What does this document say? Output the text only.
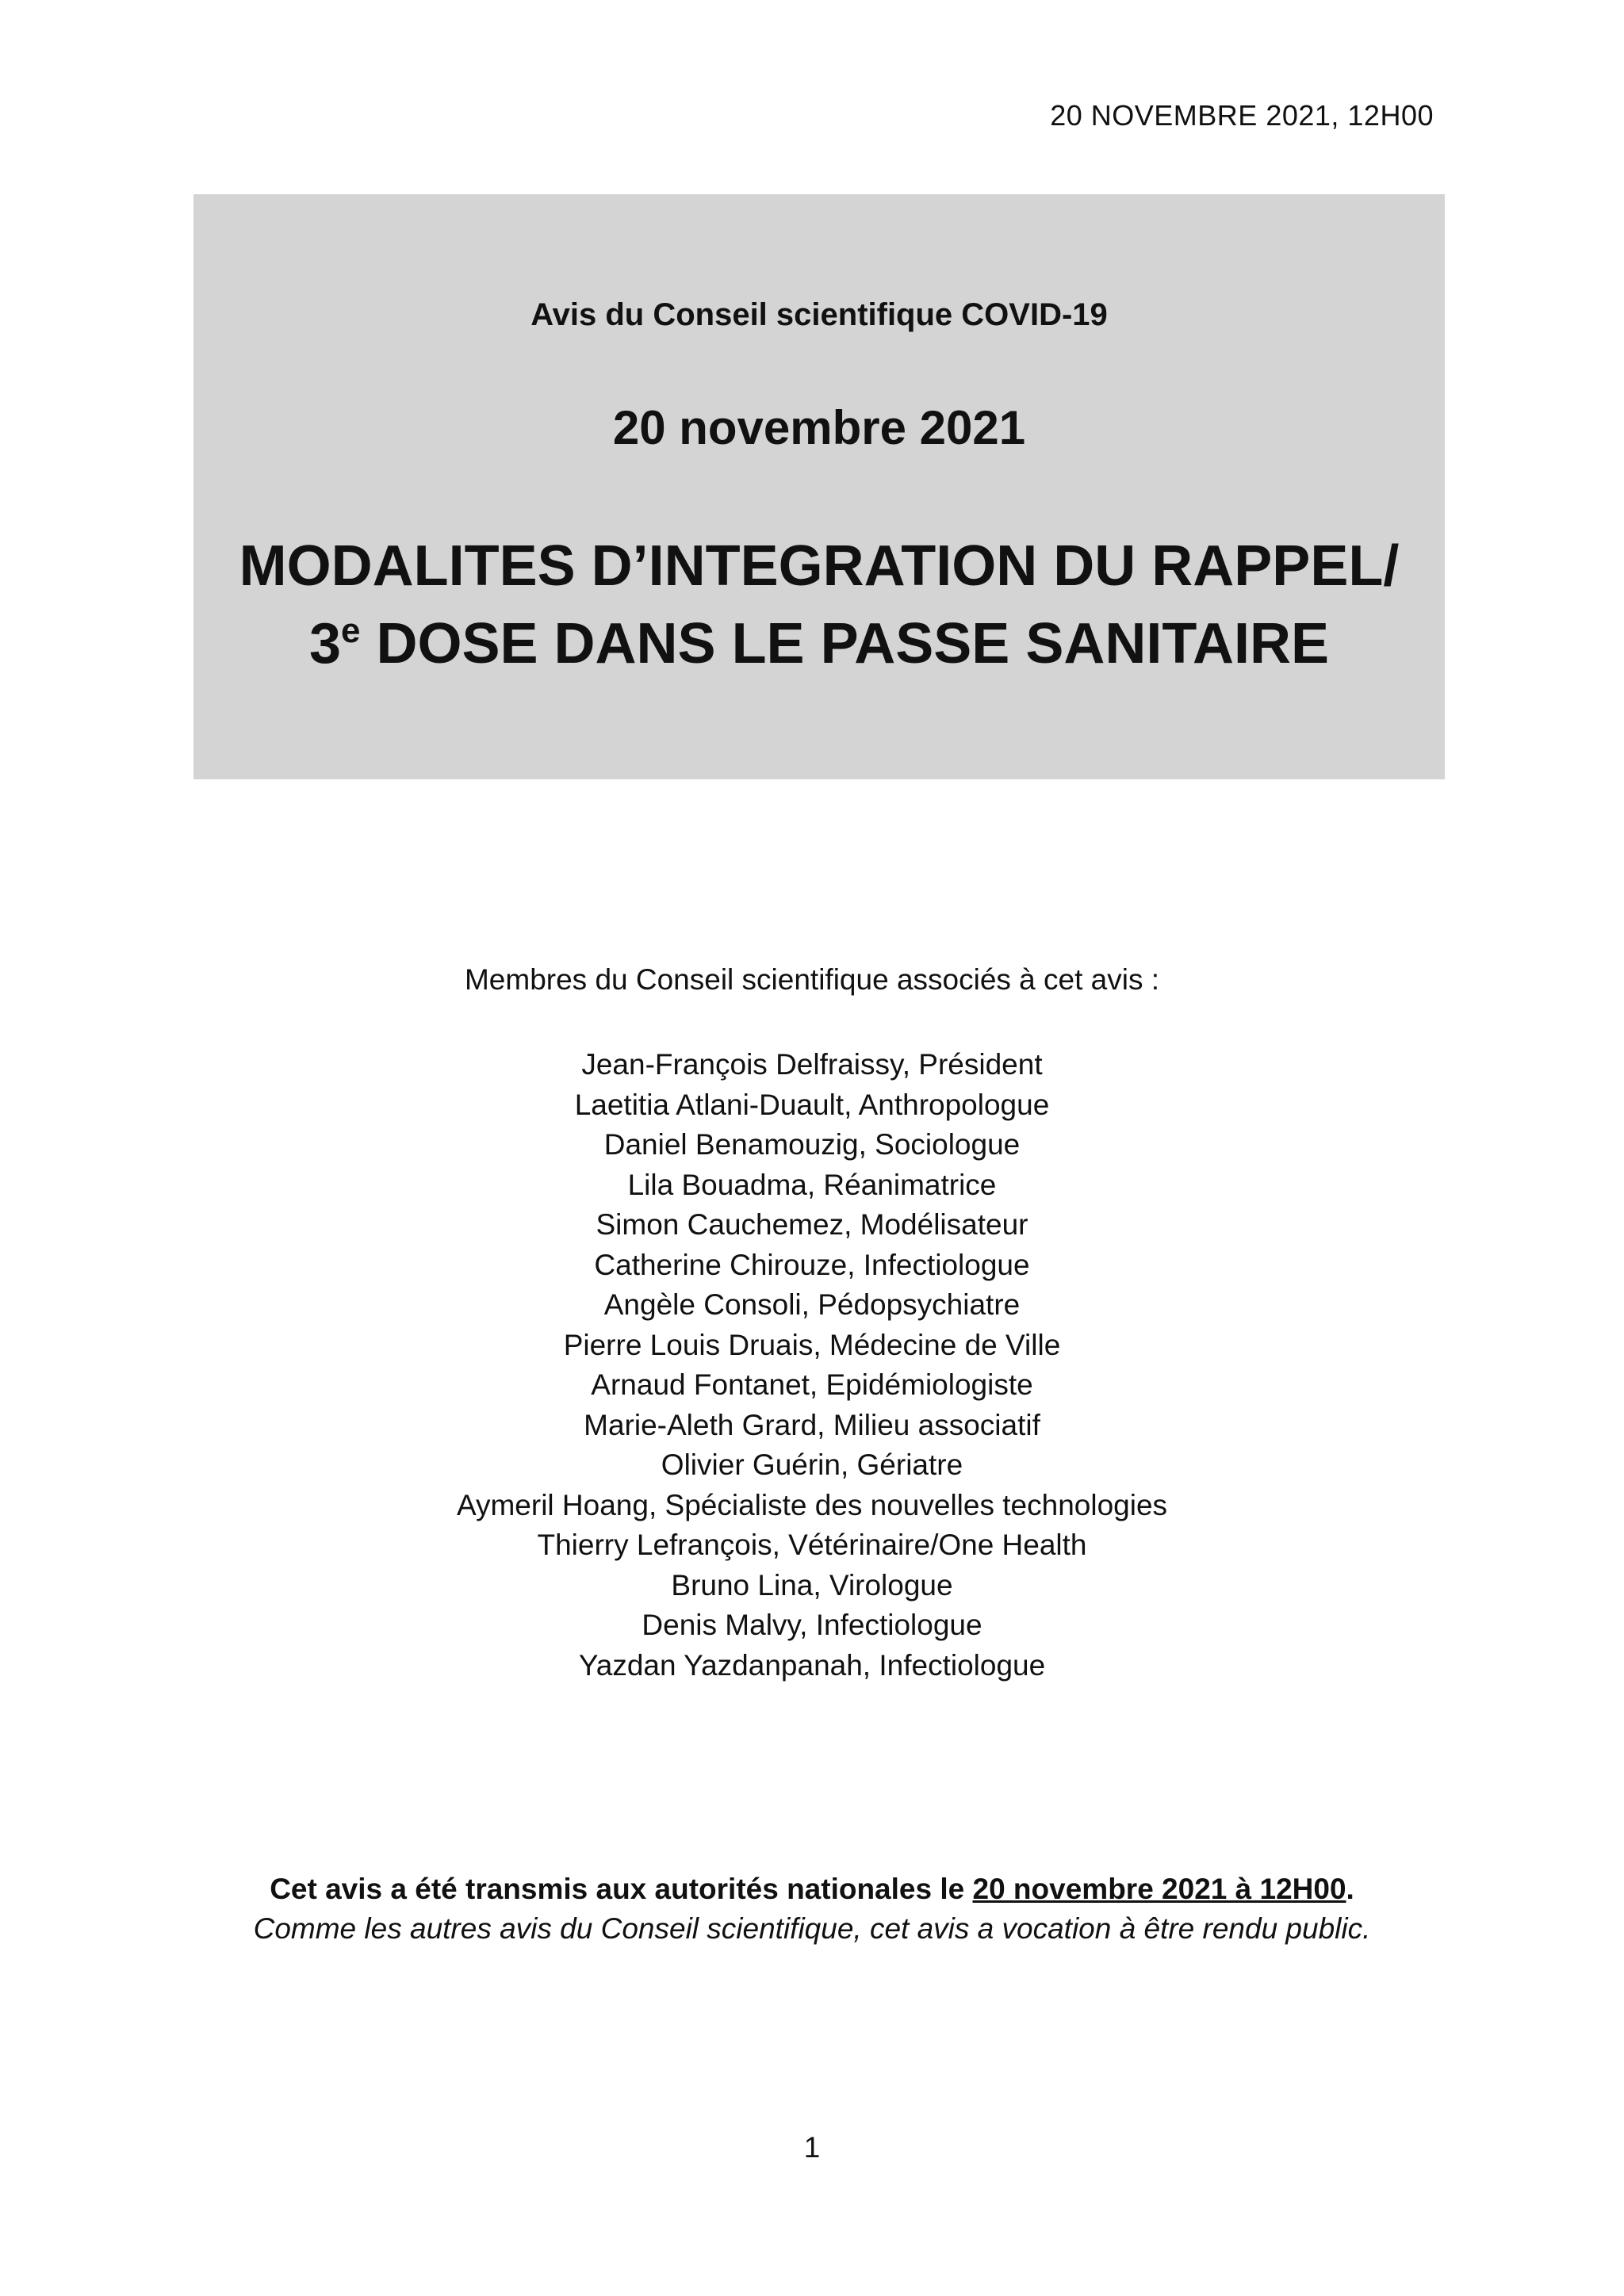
20 NOVEMBRE 2021, 12H00
Avis du Conseil scientifique COVID-19
20 novembre 2021
MODALITES D’INTEGRATION DU RAPPEL/
3e DOSE DANS LE PASSE SANITAIRE
Membres du Conseil scientifique associés à cet avis :
Jean-François Delfraissy, Président
Laetitia Atlani-Duault, Anthropologue
Daniel Benamouzig, Sociologue
Lila Bouadma, Réanimatrice
Simon Cauchemez, Modélisateur
Catherine Chirouze, Infectiologue
Angèle Consoli, Pédopsychiatre
Pierre Louis Druais, Médecine de Ville
Arnaud Fontanet, Epidémiologiste
Marie-Aleth Grard, Milieu associatif
Olivier Guérin, Gériatre
Aymeril Hoang, Spécialiste des nouvelles technologies
Thierry Lefrançois, Vétérinaire/One Health
Bruno Lina, Virologue
Denis Malvy, Infectiologue
Yazdan Yazdanpanah, Infectiologue
Cet avis a été transmis aux autorités nationales le 20 novembre 2021 à 12H00.
Comme les autres avis du Conseil scientifique, cet avis a vocation à être rendu public.
1
